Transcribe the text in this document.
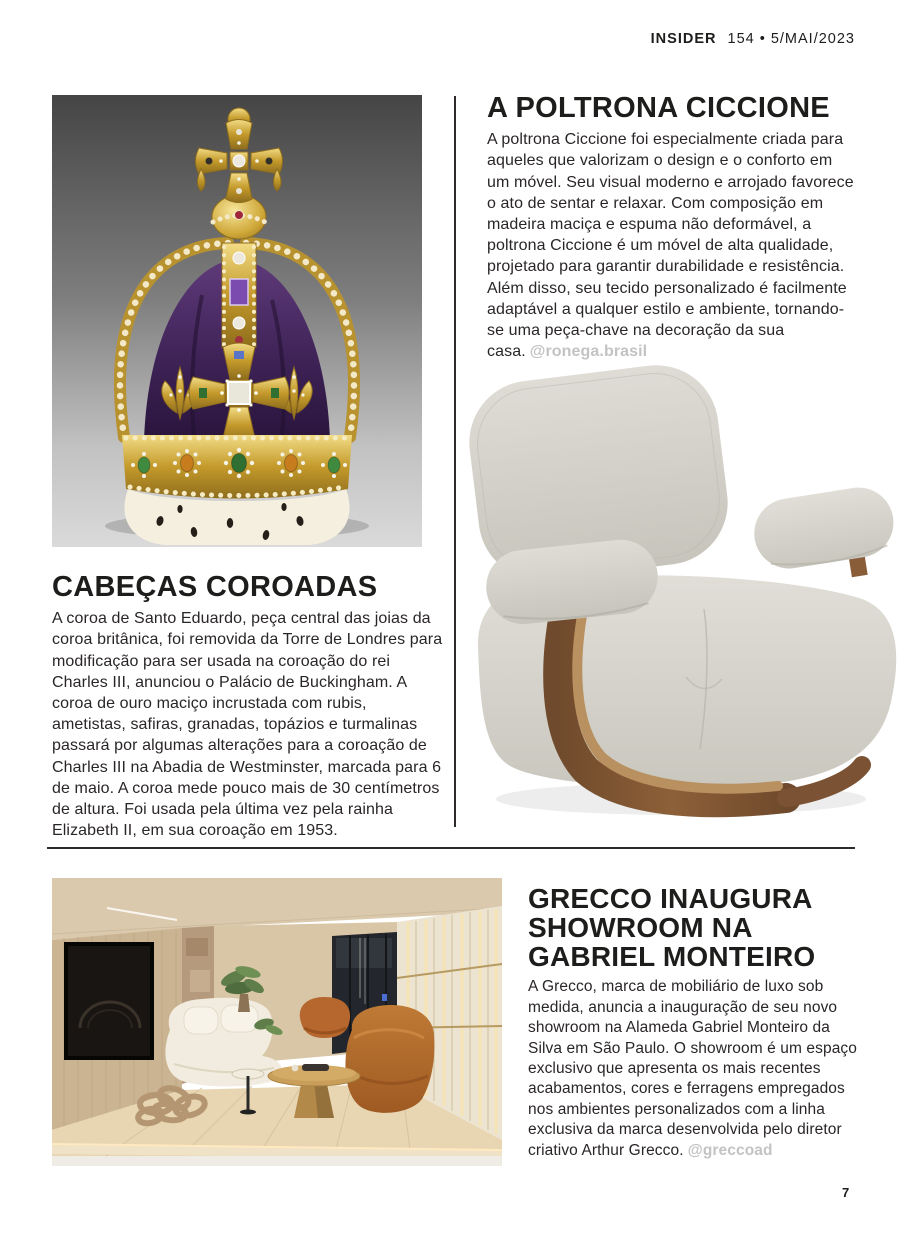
INSIDER 154 • 5/MAI/2023
A POLTRONA CICCIONE

A poltrona Ciccione foi especialmente criada para aqueles que valorizam o design e o conforto em um móvel. Seu visual moderno e arrojado favorece o ato de sentar e relaxar. Com composição em madeira maciça e espuma não deformável, a poltrona Ciccione é um móvel de alta qualidade, projetado para garantir durabilidade e resistência. Além disso, seu tecido personalizado é facilmente adaptável a qualquer estilo e ambiente, tornando-se uma peça-chave na decoração da sua casa. @ronega.brasil

CABEÇAS COROADAS

A coroa de Santo Eduardo, peça central das joias da coroa britânica, foi removida da Torre de Londres para modificação para ser usada na coroação do rei Charles III, anunciou o Palácio de Buckingham. A coroa de ouro maciço incrustada com rubis, ametistas, safiras, granadas, topázios e turmalinas passará por algumas alterações para a coroação de Charles III na Abadia de Westminster, marcada para 6 de maio. A coroa mede pouco mais de 30 centímetros de altura. Foi usada pela última vez pela rainha Elizabeth II, em sua coroação em 1953.

GRECCO INAUGURA SHOWROOM NA GABRIEL MONTEIRO

A Grecco, marca de mobiliário de luxo sob medida, anuncia a inauguração de seu novo showroom na Alameda Gabriel Monteiro da Silva em São Paulo. O showroom é um espaço exclusivo que apresenta os mais recentes acabamentos, cores e ferragens empregados nos ambientes personalizados com a linha exclusiva da marca desenvolvida pelo diretor criativo Arthur Grecco. @greccoad

7
